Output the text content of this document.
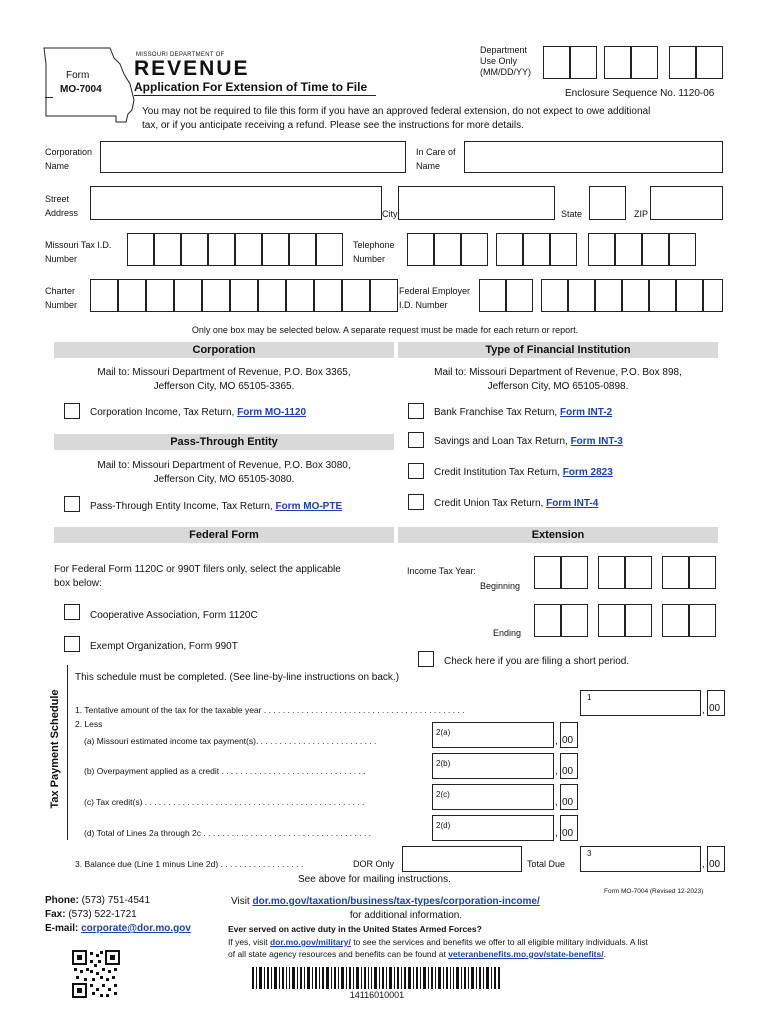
Form
MO-7004
MISSOURI DEPARTMENT OF
REVENUE
Application For Extension of Time to File
Department
Use Only
(MM/DD/YY)
Enclosure Sequence No. 1120-06
You may not be required to file this form if you have an approved federal extension, do not expect to owe additional
tax, or if you anticipate receiving a refund. Please see the instructions for more details.
Corporation
Name
In Care of
Name
Street
Address	City	State	ZIP
Missouri Tax I.D.
Number
Telephone
Number
Charter
Number
Federal Employer
I.D. Number
Only one box may be selected below. A separate request must be made for each return or report.
Corporation	Type of Financial Institution
Mail to: Missouri Department of Revenue, P.O. Box 3365,
Jefferson City, MO 65105-3365.
Mail to: Missouri Department of Revenue, P.O. Box 898,
Jefferson City, MO 65105-0898.
Corporation Income, Tax Return, Form MO-1120	Bank Franchise Tax Return, Form INT-2
Pass-Through Entity	Savings and Loan Tax Return, Form INT-3
Mail to: Missouri Department of Revenue, P.O. Box 3080,
Jefferson City, MO 65105-3080.
Credit Institution Tax Return, Form 2823
Pass-Through Entity Income, Tax Return, Form MO-PTE	Credit Union Tax Return, Form INT-4
Federal Form	Extension
For Federal Form 1120C or 990T filers only, select the applicable
box below:
Income Tax Year:
Beginning
Cooperative Association, Form 1120C
Ending
Exempt Organization, Form 990T
Check here if you are filing a short period.
Tax Payment Schedule
This schedule must be completed. (See line-by-line instructions on back.)
1. Tentative amount of the tax for the taxable year . . . . . . . . . . . . . . . . . . . . . . . . . . . . . . . . . . . . . . . . . . .
1
, 00
2. Less
(a) Missouri estimated income tax payment(s). . . . . . . . . . . . . . . . . . . . . . . . . .
2(a)
, 00
(b) Overpayment applied as a credit . . . . . . . . . . . . . . . . . . . . . . . . . . . . . . .
2(b)
, 00
(c) Tax credit(s) . . . . . . . . . . . . . . . . . . . . . . . . . . . . . . . . . . . . . . . . . . . . . . .
2(c)
, 00
(d) Total of Lines 2a through 2c . . . . . . . . . . . . . . . . . . . . . . . . . . . . . . . . . . . .
2(d)
, 00
3. Balance due (Line 1 minus Line 2d) . . . . . . . . . . . . . . . . . .	DOR Only	Total Due
3
, 00
See above for mailing instructions.
Phone: (573) 751-4541
Fax: (573) 522-1721
E-mail: corporate@dor.mo.gov
Form MO-7004 (Revised 12-2023)
Visit dor.mo.gov/taxation/business/tax-types/corporation-income/
for additional information.
Ever served on active duty in the United States Armed Forces?
If yes, visit dor.mo.gov/military/ to see the services and benefits we offer to all eligible military individuals. A list
of all state agency resources and benefits can be found at veteranbenefits.mo.gov/state-benefits/.
14116010001
